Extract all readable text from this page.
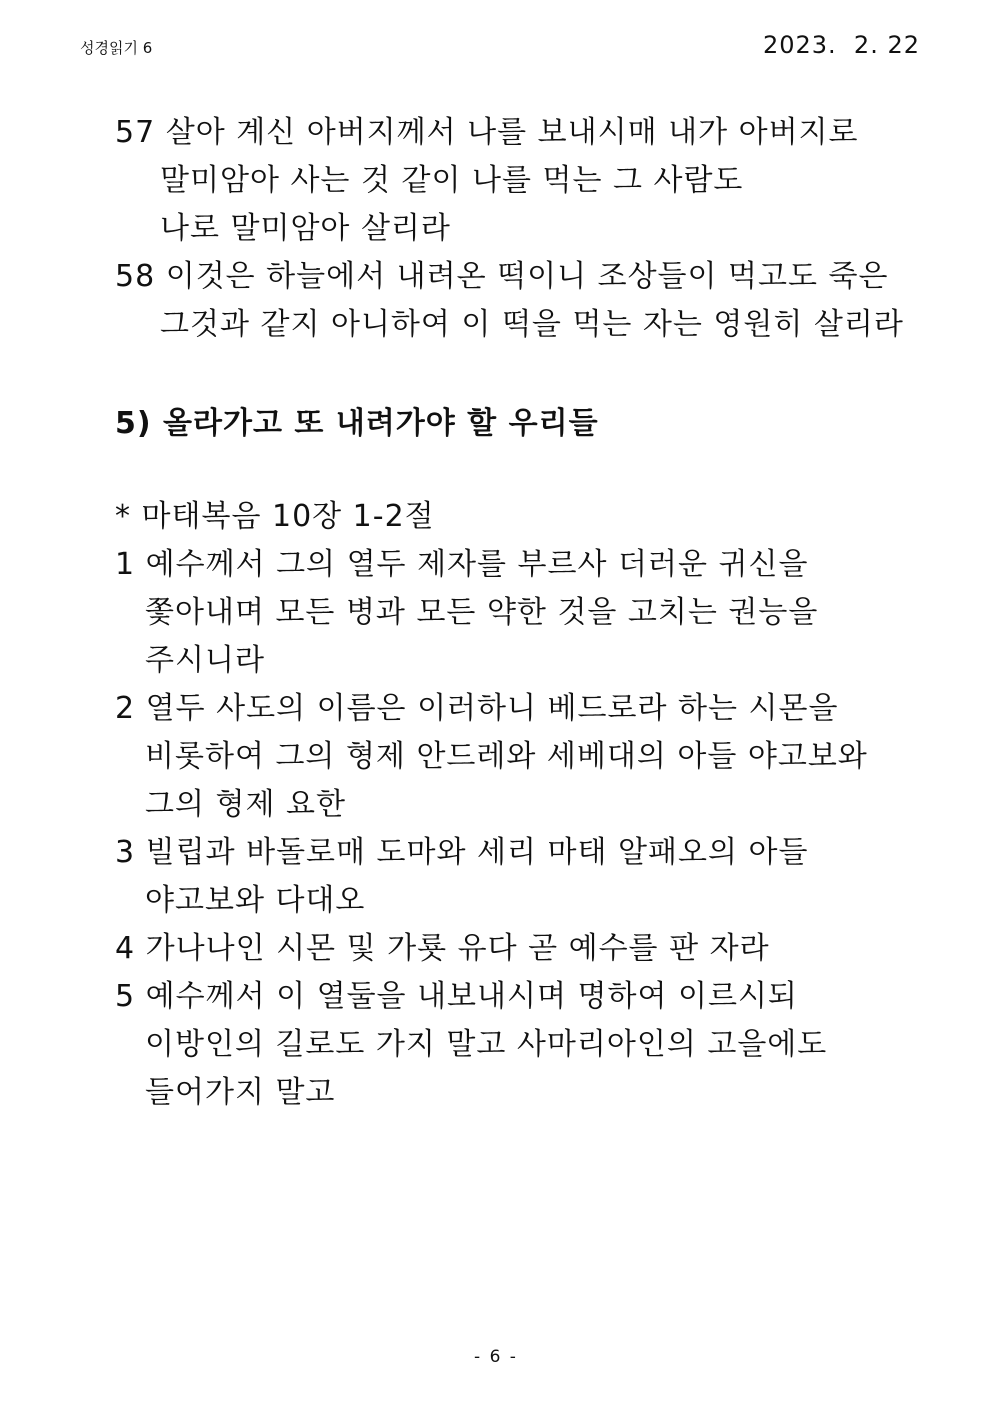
성경읽기 6	2023.  2. 22
57 살아 계신 아버지께서 나를 보내시매 내가 아버지로
말미암아 사는 것 같이 나를 먹는 그 사람도
나로 말미암아 살리라
58 이것은 하늘에서 내려온 떡이니 조상들이 먹고도 죽은
그것과 같지 아니하여 이 떡을 먹는 자는 영원히 살리라
5) 올라가고 또 내려가야 할 우리들
* 마태복음 10장 1-2절
1 예수께서 그의 열두 제자를 부르사 더러운 귀신을
쫓아내며 모든 병과 모든 약한 것을 고치는 권능을
주시니라
2 열두 사도의 이름은 이러하니 베드로라 하는 시몬을
비롯하여 그의 형제 안드레와 세베대의 아들 야고보와
그의 형제 요한
3 빌립과 바돌로매 도마와 세리 마태 알패오의 아들
야고보와 다대오
4 가나나인 시몬 및 가룟 유다 곧 예수를 판 자라
5 예수께서 이 열둘을 내보내시며 명하여 이르시되
이방인의 길로도 가지 말고 사마리아인의 고을에도
들어가지 말고
- 6 -
